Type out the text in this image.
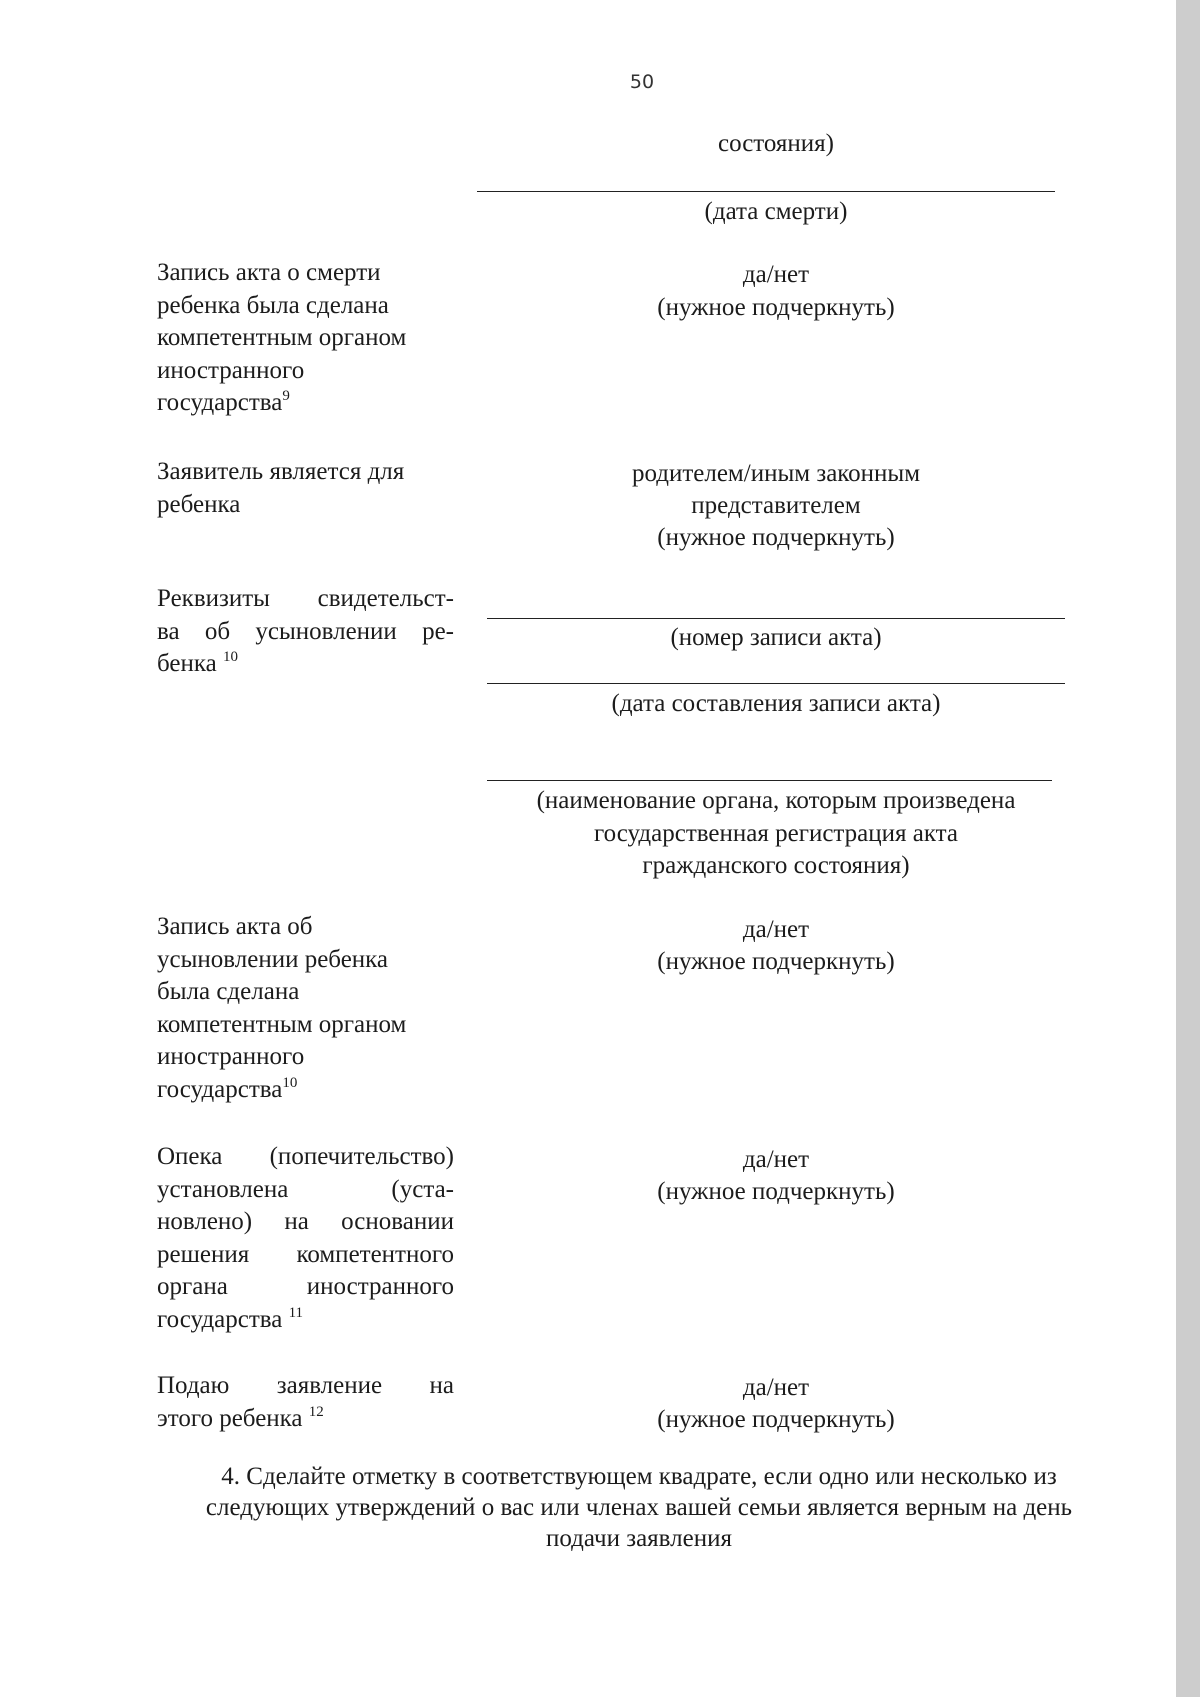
50
состояния)
(дата смерти)
Запись акта о смерти
ребенка была сделана
компетентным органом
иностранного
государства$^9$
да/нет
(нужное подчеркнуть)
Заявитель является для
ребенка
родителем/иным законным
представителем
(нужное подчеркнуть)
Реквизиты свидетельст-
ва об усыновлении ре-
бенка $^{10}$
(номер записи акта)
(дата составления записи акта)
(наименование органа, которым произведена
государственная регистрация акта
гражданского состояния)
Запись акта об
усыновлении ребенка
была сделана
компетентным органом
иностранного
государства$^{10}$
да/нет
(нужное подчеркнуть)
Опека (попечительство)
установлена (уста-
новлено) на основании
решения компетентного
органа иностранного
государства $^{11}$
да/нет
(нужное подчеркнуть)
Подаю заявление на
этого ребенка $^{12}$
да/нет
(нужное подчеркнуть)
4. Сделайте отметку в соответствующем квадрате, если одно или несколько из
следующих утверждений о вас или членах вашей семьи является верным на день
подачи заявления
